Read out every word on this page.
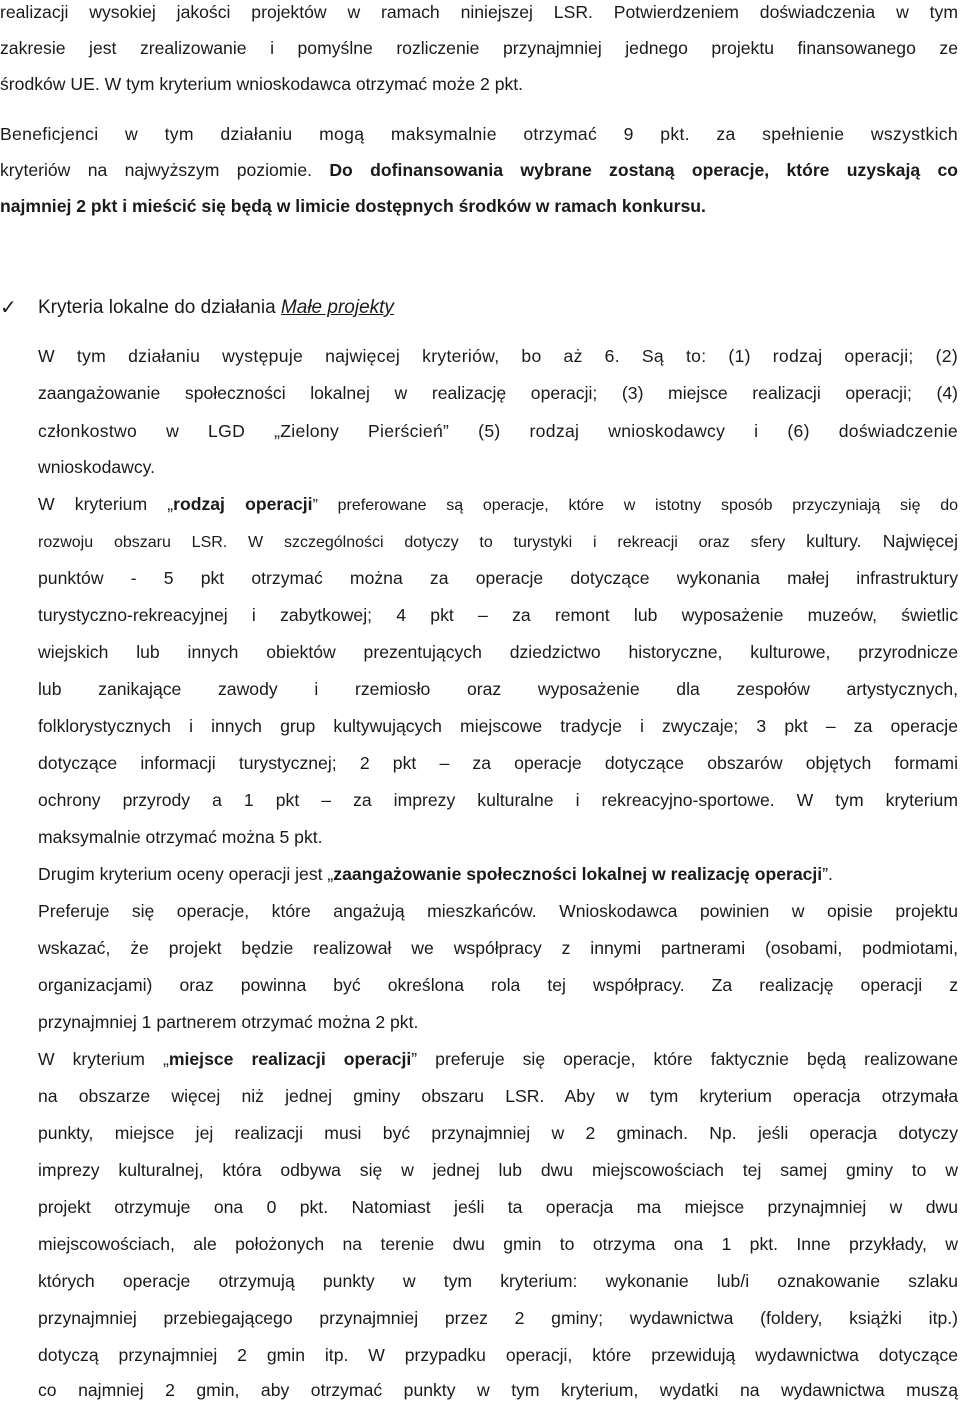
realizacji wysokiej jakości projektów w ramach niniejszej LSR. Potwierdzeniem doświadczenia w tym

zakresie jest zrealizowanie i pomyślne rozliczenie przynajmniej jednego projektu finansowanego ze

środków UE. W tym kryterium wnioskodawca otrzymać może 2 pkt.

Beneficjenci w tym działaniu mogą maksymalnie otrzymać 9 pkt. za spełnienie wszystkich

kryteriów na najwyższym poziomie. Do dofinansowania wybrane zostaną operacje, które uzyskają co

najmniej 2 pkt i mieścić się będą w limicie dostępnych środków w ramach konkursu.

✓ Kryteria lokalne do działania Małe projekty

W tym działaniu występuje najwięcej kryteriów, bo aż 6. Są to: (1) rodzaj operacji; (2)

zaangażowanie społeczności lokalnej w realizację operacji; (3) miejsce realizacji operacji; (4)

członkostwo w LGD „Zielony Pierścień” (5) rodzaj wnioskodawcy i (6) doświadczenie

wnioskodawcy.

W kryterium „rodzaj operacji” preferowane są operacje, które w istotny sposób przyczyniają się do

rozwoju obszaru LSR. W szczególności dotyczy to turystyki i rekreacji oraz sfery kultury. Najwięcej

punktów - 5 pkt otrzymać można za operacje dotyczące wykonania małej infrastruktury

turystyczno-rekreacyjnej i zabytkowej; 4 pkt – za remont lub wyposażenie muzeów, świetlic

wiejskich lub innych obiektów prezentujących dziedzictwo historyczne, kulturowe, przyrodnicze

lub zanikające zawody i rzemiosło oraz wyposażenie dla zespołów artystycznych,

folklorystycznych i innych grup kultywujących miejscowe tradycje i zwyczaje; 3 pkt – za operacje

dotyczące informacji turystycznej; 2 pkt – za operacje dotyczące obszarów objętych formami

ochrony przyrody a 1 pkt – za imprezy kulturalne i rekreacyjno-sportowe. W tym kryterium

maksymalnie otrzymać można 5 pkt.

Drugim kryterium oceny operacji jest „zaangażowanie społeczności lokalnej w realizację operacji”.

Preferuje się operacje, które angażują mieszkańców. Wnioskodawca powinien w opisie projektu

wskazać, że projekt będzie realizował we współpracy z innymi partnerami (osobami, podmiotami,

organizacjami) oraz powinna być określona rola tej współpracy. Za realizację operacji z

przynajmniej 1 partnerem otrzymać można 2 pkt.

W kryterium „miejsce realizacji operacji” preferuje się operacje, które faktycznie będą realizowane

na obszarze więcej niż jednej gminy obszaru LSR. Aby w tym kryterium operacja otrzymała

punkty, miejsce jej realizacji musi być przynajmniej w 2 gminach. Np. jeśli operacja dotyczy

imprezy kulturalnej, która odbywa się w jednej lub dwu miejscowościach tej samej gminy to w

projekt otrzymuje ona 0 pkt. Natomiast jeśli ta operacja ma miejsce przynajmniej w dwu

miejscowościach, ale położonych na terenie dwu gmin to otrzyma ona 1 pkt. Inne przykłady, w

których operacje otrzymują punkty w tym kryterium: wykonanie lub/i oznakowanie szlaku

przynajmniej przebiegającego przynajmniej przez 2 gminy; wydawnictwa (foldery, książki itp.)

dotyczą przynajmniej 2 gmin itp. W przypadku operacji, które przewidują wydawnictwa dotyczące

co najmniej 2 gmin, aby otrzymać punkty w tym kryterium, wydatki na wydawnictwa muszą
